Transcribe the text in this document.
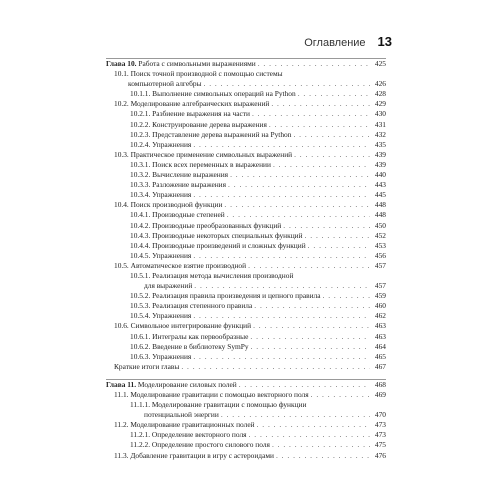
Оглавление 13
Глава 10. Работа с символьными выражениями . . .	425
10.1. Поиск точной производной с помощью системы
компьютерной алгебры . . .	426
10.1.1. Выполнение символьных операций на Python . . .	428
10.2. Моделирование алгебраических выражений . . .	429
10.2.1. Разбиение выражения на части . . .	430
10.2.2. Конструирование дерева выражения . . .	431
10.2.3. Представление дерева выражений на Python . . .	432
10.2.4. Упражнения . . .	435
10.3. Практическое применение символьных выражений . . .	439
10.3.1. Поиск всех переменных в выражении . . .	439
10.3.2. Вычисление выражения . . .	440
10.3.3. Разложение выражения . . .	443
10.3.4. Упражнения . . .	445
10.4. Поиск производной функции . . .	448
10.4.1. Производные степеней . . .	448
10.4.2. Производные преобразованных функций . . .	450
10.4.3. Производные некоторых специальных функций . . .	452
10.4.4. Производные произведений и сложных функций . . .	453
10.4.5. Упражнения . . .	456
10.5. Автоматическое взятие производной . . .	457
10.5.1. Реализация метода вычисления производной
для выражений . . .	457
10.5.2. Реализация правила произведения и цепного правила . . .	459
10.5.3. Реализация степенного правила . . .	460
10.5.4. Упражнения . . .	462
10.6. Символьное интегрирование функций . . .	463
10.6.1. Интегралы как первообразные . . .	463
10.6.2. Введение в библиотеку SymPy . . .	464
10.6.3. Упражнения . . .	465
Краткие итоги главы . . .	467
Глава 11. Моделирование силовых полей . . .	468
11.1. Моделирование гравитации с помощью векторного поля . . .	469
11.1.1. Моделирование гравитации с помощью функции
потенциальной энергии . . .	470
11.2. Моделирование гравитационных полей . . .	473
11.2.1. Определение векторного поля . . .	473
11.2.2. Определение простого силового поля . . .	475
11.3. Добавление гравитации в игру с астероидами . . .	476
